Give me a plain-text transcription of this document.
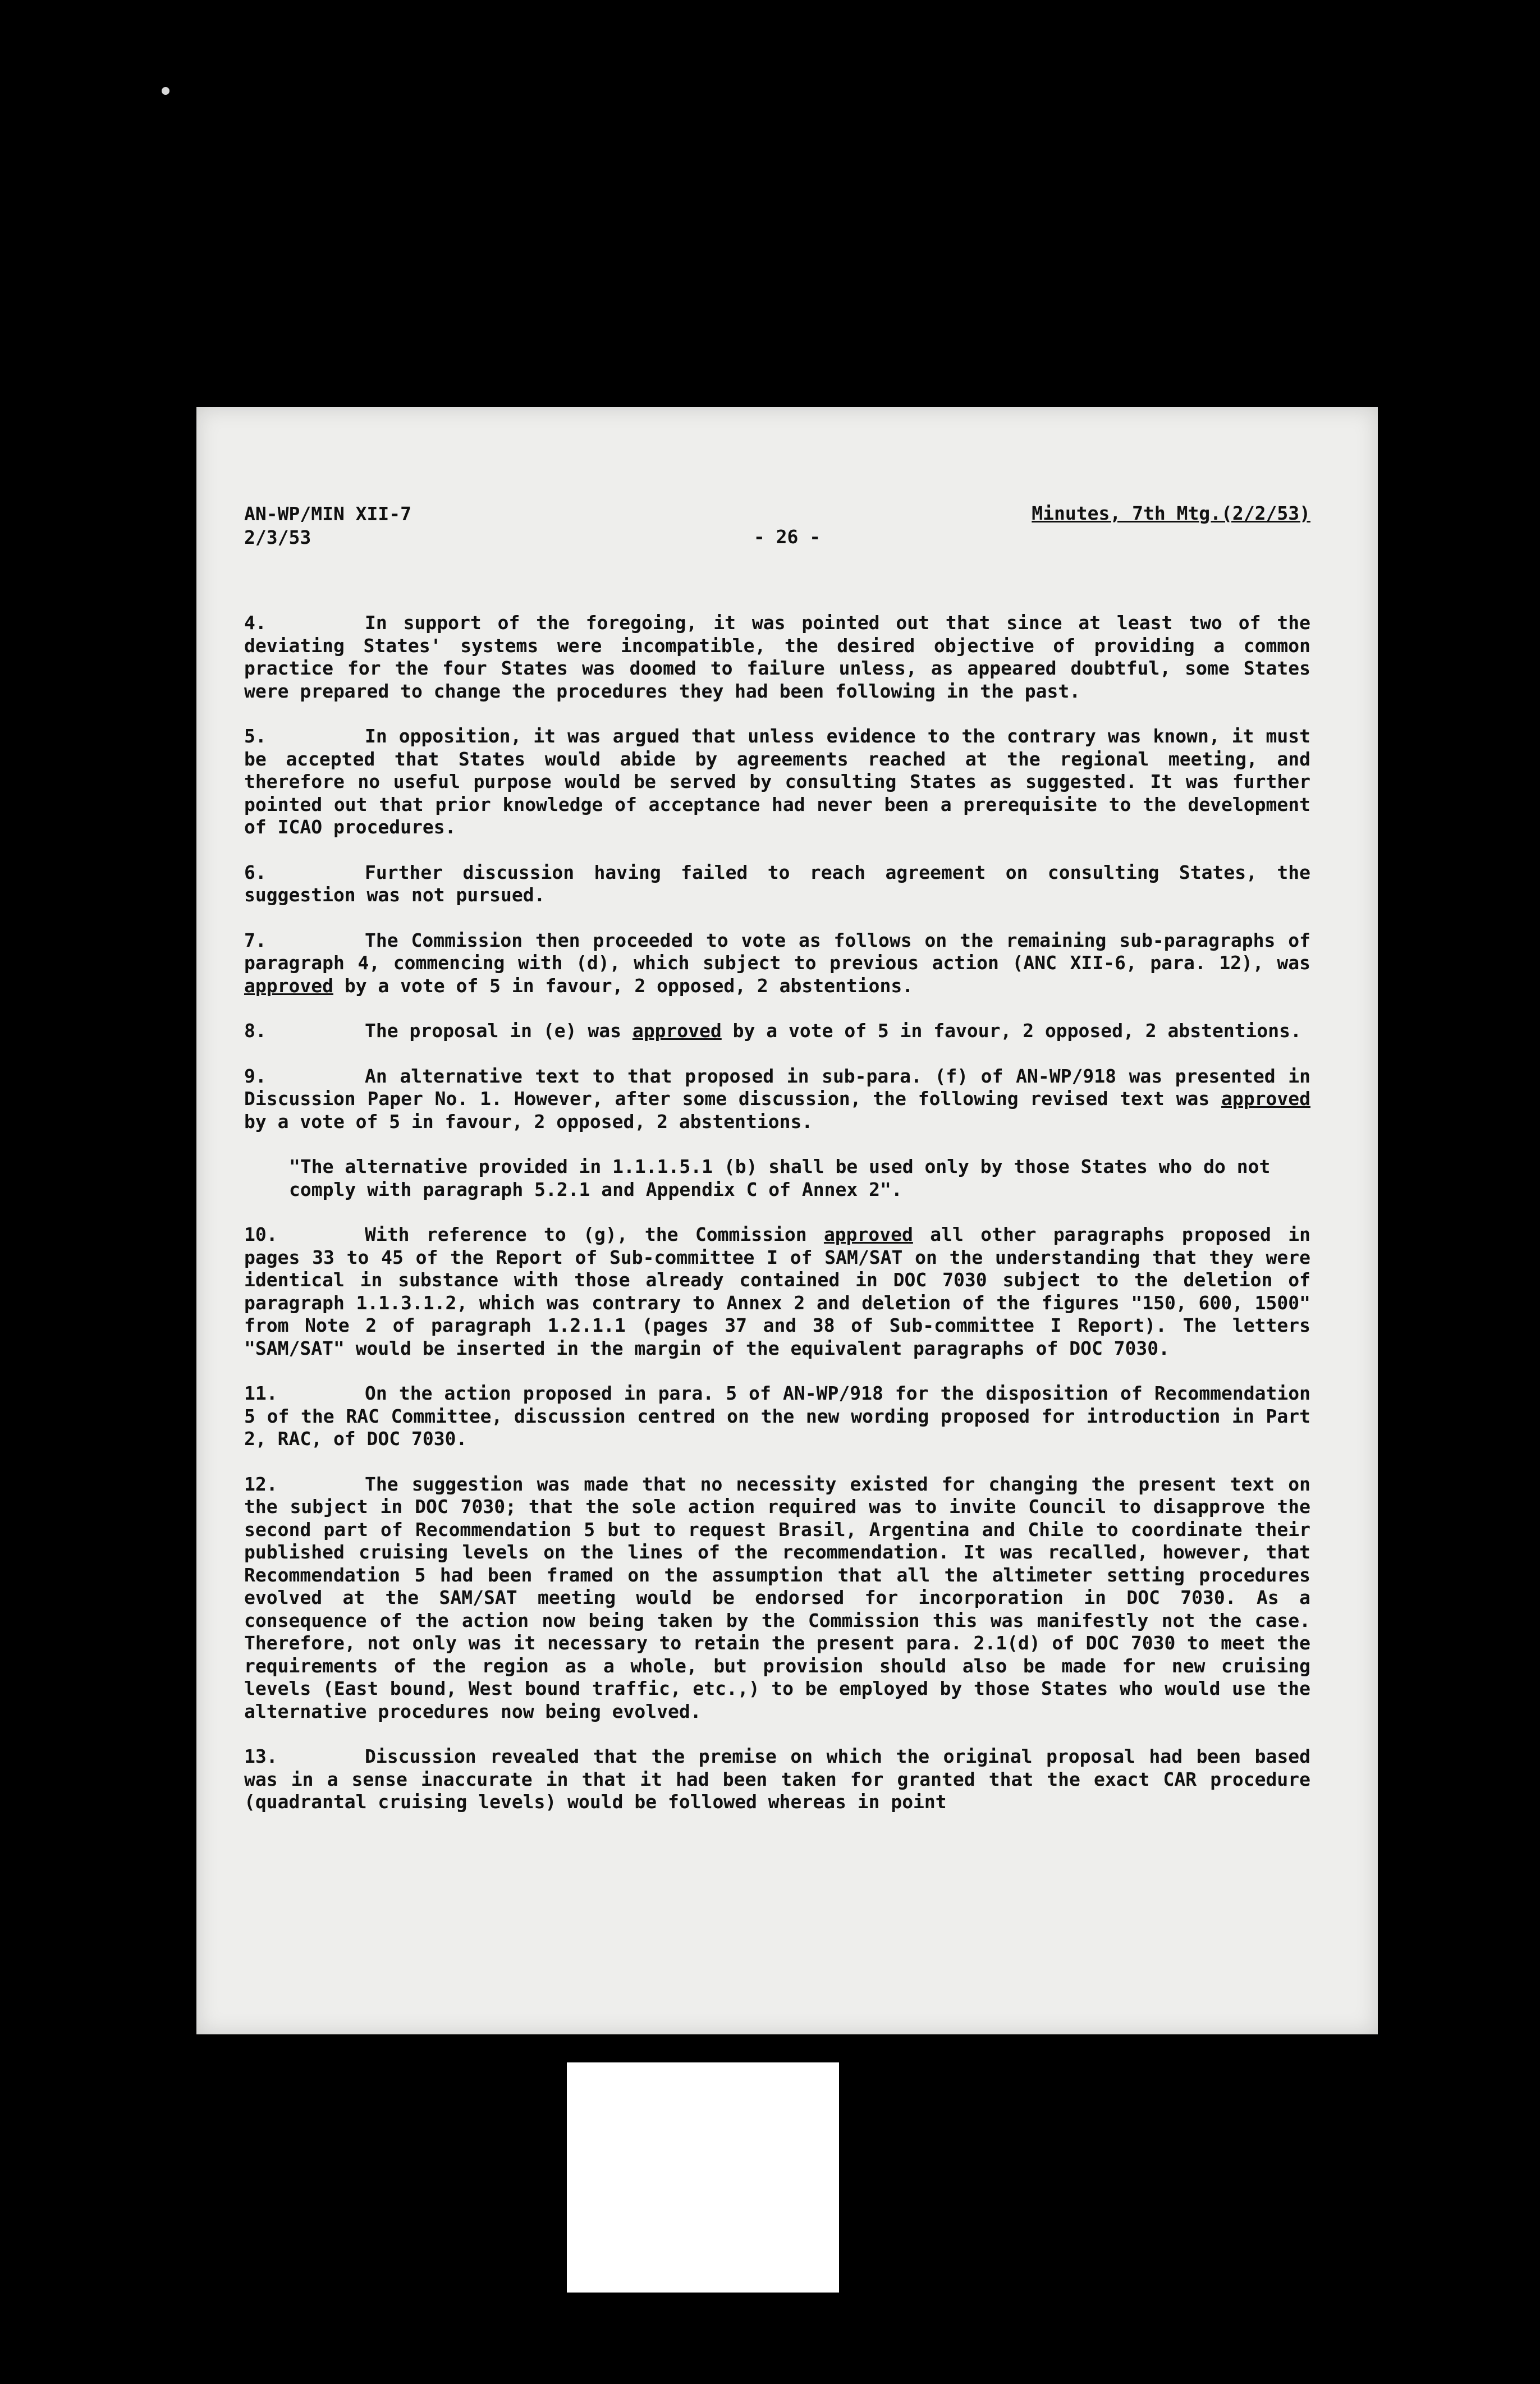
AN-WP/MIN XII-7
2/3/53	- 26 -
Minutes, 7th Mtg.(2/2/53)

4.	In support of the foregoing, it was pointed out that since at least two of the deviating States' systems were incompatible, the desired objective of providing a common practice for the four States was doomed to failure unless, as appeared doubtful, some States were prepared to change the procedures they had been following in the past.

5.	In opposition, it was argued that unless evidence to the contrary was known, it must be accepted that States would abide by agreements reached at the regional meeting, and therefore no useful purpose would be served by consulting States as suggested. It was further pointed out that prior knowledge of acceptance had never been a prerequisite to the development of ICAO procedures.

6.	Further discussion having failed to reach agreement on consulting States, the suggestion was not pursued.

7.	The Commission then proceeded to vote as follows on the remaining sub-paragraphs of paragraph 4, commencing with (d), which subject to previous action (ANC XII-6, para. 12), was approved by a vote of 5 in favour, 2 opposed, 2 abstentions.

8.	The proposal in (e) was approved by a vote of 5 in favour, 2 opposed, 2 abstentions.

9.	An alternative text to that proposed in sub-para. (f) of AN-WP/918 was presented in Discussion Paper No. 1. However, after some discussion, the following revised text was approved by a vote of 5 in favour, 2 opposed, 2 abstentions.

"The alternative provided in 1.1.1.5.1 (b) shall be used only by those States who do not comply with paragraph 5.2.1 and Appendix C of Annex 2".

10.	With reference to (g), the Commission approved all other paragraphs proposed in pages 33 to 45 of the Report of Sub-committee I of SAM/SAT on the understanding that they were identical in substance with those already contained in DOC 7030 subject to the deletion of paragraph 1.1.3.1.2, which was contrary to Annex 2 and deletion of the figures "150, 600, 1500" from Note 2 of paragraph 1.2.1.1 (pages 37 and 38 of Sub-committee I Report). The letters "SAM/SAT" would be inserted in the margin of the equivalent paragraphs of DOC 7030.

11.	On the action proposed in para. 5 of AN-WP/918 for the disposition of Recommendation 5 of the RAC Committee, discussion centred on the new wording proposed for introduction in Part 2, RAC, of DOC 7030.

12.	The suggestion was made that no necessity existed for changing the present text on the subject in DOC 7030; that the sole action required was to invite Council to disapprove the second part of Recommendation 5 but to request Brasil, Argentina and Chile to coordinate their published cruising levels on the lines of the recommendation. It was recalled, however, that Recommendation 5 had been framed on the assumption that all the altimeter setting procedures evolved at the SAM/SAT meeting would be endorsed for incorporation in DOC 7030. As a consequence of the action now being taken by the Commission this was manifestly not the case. Therefore, not only was it necessary to retain the present para. 2.1(d) of DOC 7030 to meet the requirements of the region as a whole, but provision should also be made for new cruising levels (East bound, West bound traffic, etc.,) to be employed by those States who would use the alternative procedures now being evolved.

13.	Discussion revealed that the premise on which the original proposal had been based was in a sense inaccurate in that it had been taken for granted that the exact CAR procedure (quadrantal cruising levels) would be followed whereas in point
